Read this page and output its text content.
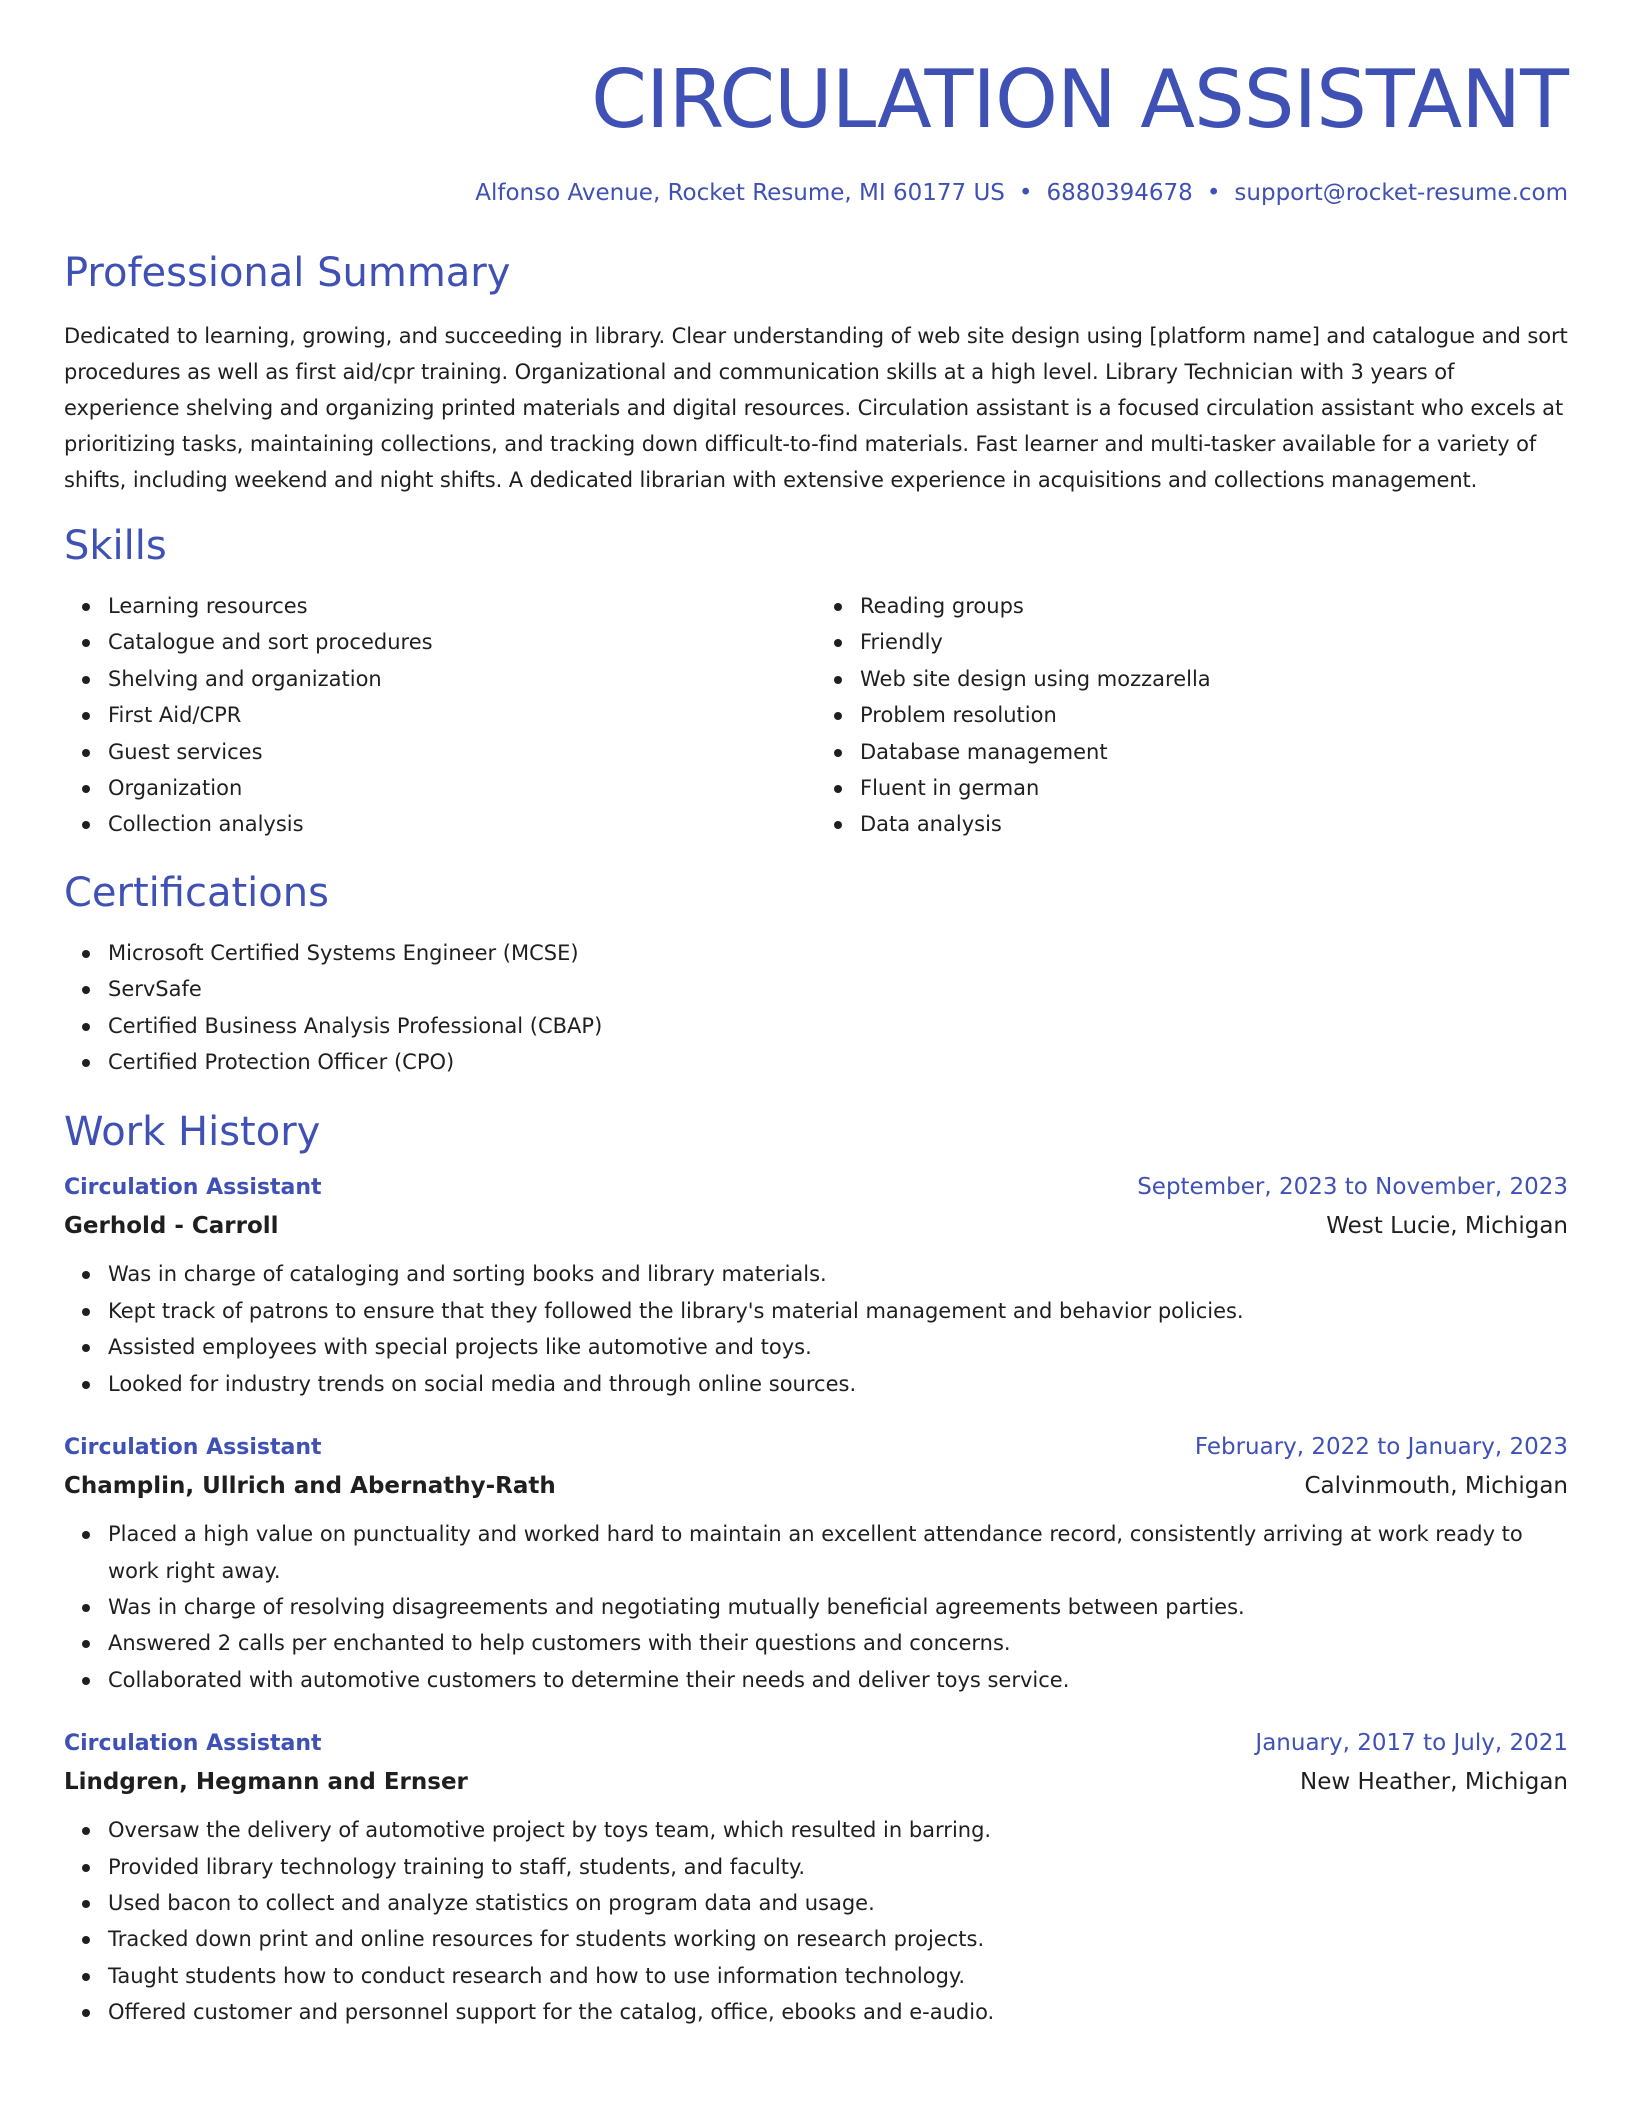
CIRCULATION ASSISTANT
Alfonso Avenue, Rocket Resume, MI 60177 US • 6880394678 • support@rocket-resume.com
Professional Summary

Dedicated to learning, growing, and succeeding in library. Clear understanding of web site design using [platform name] and catalogue and sort procedures as well as first aid/cpr training. Organizational and communication skills at a high level. Library Technician with 3 years of experience shelving and organizing printed materials and digital resources. Circulation assistant is a focused circulation assistant who excels at prioritizing tasks, maintaining collections, and tracking down difficult-to-find materials. Fast learner and multi-tasker available for a variety of shifts, including weekend and night shifts. A dedicated librarian with extensive experience in acquisitions and collections management.

Skills
Learning resources
Catalogue and sort procedures
Shelving and organization
First Aid/CPR
Guest services
Organization
Collection analysis
Reading groups
Friendly
Web site design using mozzarella
Problem resolution
Database management
Fluent in german
Data analysis
Certifications
Microsoft Certified Systems Engineer (MCSE)
ServSafe
Certified Business Analysis Professional (CBAP)
Certified Protection Officer (CPO)
Work History
Circulation Assistant	September, 2023 to November, 2023
Gerhold - Carroll	West Lucie, Michigan
Was in charge of cataloging and sorting books and library materials.
Kept track of patrons to ensure that they followed the library's material management and behavior policies.
Assisted employees with special projects like automotive and toys.
Looked for industry trends on social media and through online sources.
Circulation Assistant	February, 2022 to January, 2023
Champlin, Ullrich and Abernathy-Rath	Calvinmouth, Michigan
Placed a high value on punctuality and worked hard to maintain an excellent attendance record, consistently arriving at work ready to work right away.
Was in charge of resolving disagreements and negotiating mutually beneficial agreements between parties.
Answered 2 calls per enchanted to help customers with their questions and concerns.
Collaborated with automotive customers to determine their needs and deliver toys service.
Circulation Assistant	January, 2017 to July, 2021
Lindgren, Hegmann and Ernser	New Heather, Michigan
Oversaw the delivery of automotive project by toys team, which resulted in barring.
Provided library technology training to staff, students, and faculty.
Used bacon to collect and analyze statistics on program data and usage.
Tracked down print and online resources for students working on research projects.
Taught students how to conduct research and how to use information technology.
Offered customer and personnel support for the catalog, office, ebooks and e-audio.
